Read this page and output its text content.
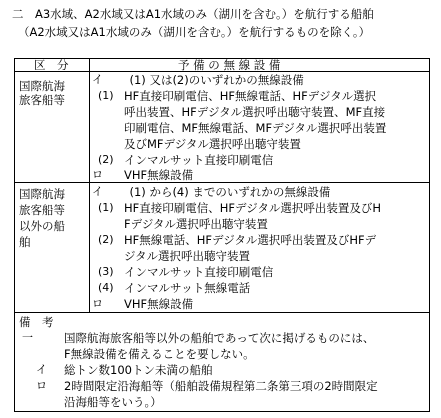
二　A3水域、A2水域又はA1水域のみ（湖川を含む。）を航行する船舶
（A2水域又はA1水域のみ（湖川を含む。）を航行するものを除く。）
区　分	予 備 の 無 線 設 備
国際航海
旅客船等
イ 　(1) 又は(2)のいずれかの無線設備
(1) HF直接印刷電信、HF無線電話、HFデジタル選択
呼出装置、HFデジタル選択呼出聴守装置、MF直接
印刷電信、MF無線電話、MFデジタル選択呼出装置
及びMFデジタル選択呼出聴守装置
(2) インマルサット直接印刷電信
ロ VHF無線設備
国際航海
旅客船等
以外の船
舶
イ 　(1) から(4) までのいずれかの無線設備
(1) HF直接印刷電信、HFデジタル選択呼出装置及びH
Fデジタル選択呼出聴守装置
(2) HF無線電話、HFデジタル選択呼出装置及びHFデ
ジタル選択呼出聴守装置
(3) インマルサット直接印刷電信
(4) インマルサット無線電話
ロ VHF無線設備
備　考
一	国際航海旅客船等以外の船舶であって次に掲げるものには、
F無線設備を備えることを要しない。
イ 総トン数100トン未満の船舶
ロ 2時間限定沿海船等（船舶設備規程第二条第三項の2時間限定
沿海船等をいう。）
